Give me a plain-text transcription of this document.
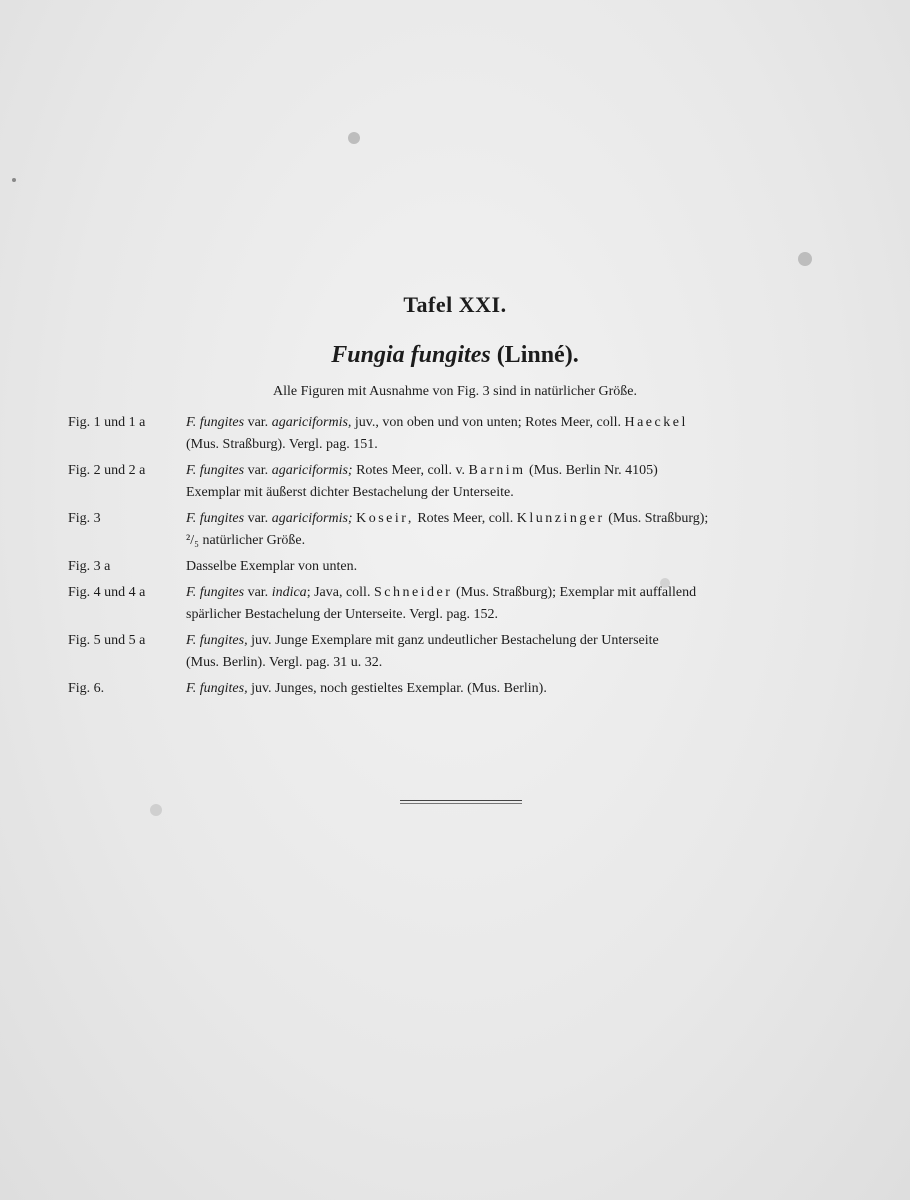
Tafel XXI.
Fungia fungites (Linné).
Alle Figuren mit Ausnahme von Fig. 3 sind in natürlicher Größe.
Fig. 1 und 1 a	F. fungites var. agariciformis, juv., von oben und von unten; Rotes Meer, coll. Haeckel
(Mus. Straßburg). Vergl. pag. 151.
Fig. 2 und 2 a	F. fungites var. agariciformis; Rotes Meer, coll. v. Barnim (Mus. Berlin Nr. 4105)
Exemplar mit äußerst dichter Bestachelung der Unterseite.
Fig. 3	F. fungites var. agariciformis; Koseir, Rotes Meer, coll. Klunzinger (Mus. Straßburg);
²/₅ natürlicher Größe.
Fig. 3 a	Dasselbe Exemplar von unten.
Fig. 4 und 4 a	F. fungites var. indica; Java, coll. Schneider (Mus. Straßburg); Exemplar mit auffallend
spärlicher Bestachelung der Unterseite. Vergl. pag. 152.
Fig. 5 und 5 a	F. fungites, juv. Junge Exemplare mit ganz undeutlicher Bestachelung der Unterseite
(Mus. Berlin). Vergl. pag. 31 u. 32.
Fig. 6.	F. fungites, juv. Junges, noch gestieltes Exemplar. (Mus. Berlin).
